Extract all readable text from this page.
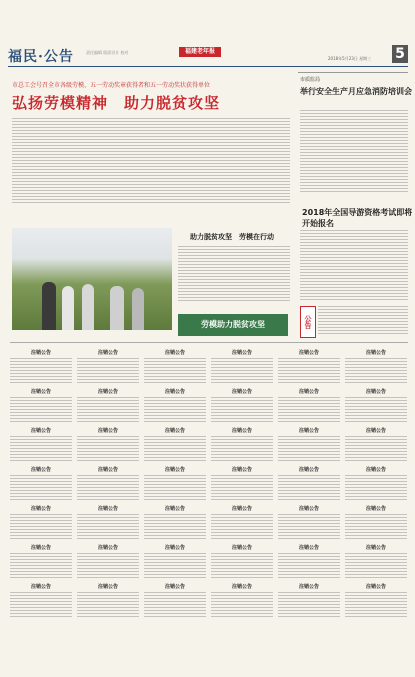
福民·公告	责任编辑 版面设计 校对	福建老年报
2018年5月23日 星期三 5
市总工会号召全市各级劳模、五一劳动奖章获得者和五一劳动奖状获得单位
弘扬劳模精神　助力脱贫攻坚
助力脱贫攻坚　劳模在行动
市质监局
举行安全生产月应急消防培训会
2018年全国导游资格考试即将开始报名
劳模助力脱贫攻坚	公告
注销公告
注销公告
注销公告
注销公告
注销公告
注销公告
注销公告
注销公告
注销公告
注销公告
注销公告
注销公告
注销公告
注销公告
注销公告
注销公告
注销公告
注销公告
注销公告
注销公告
注销公告
注销公告
注销公告
注销公告
注销公告
注销公告
注销公告
注销公告
注销公告
注销公告
注销公告
注销公告
注销公告
注销公告
注销公告
注销公告
注销公告
注销公告
注销公告
注销公告
注销公告
注销公告
